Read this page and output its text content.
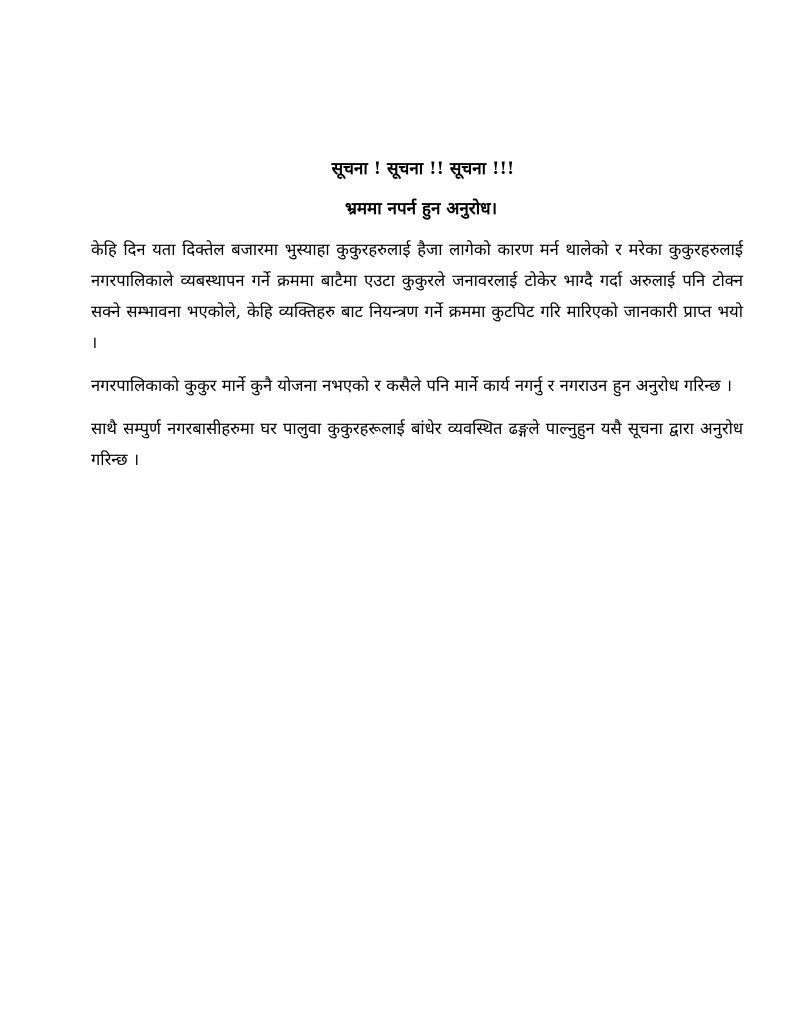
सूचना ! सूचना !! सूचना !!!

भ्रममा नपर्न हुन अनुरोध।

केहि दिन यता दिक्तेल बजारमा भुस्याहा कुकुरहरुलाई हैजा लागेको कारण मर्न थालेको र मरेका कुकुरहरुलाई नगरपालिकाले व्यबस्थापन गर्ने क्रममा बाटैमा एउटा कुकुरले जनावरलाई टोकेर भाग्दै गर्दा अरुलाई पनि टोक्न सक्ने सम्भावना भएकोले, केहि व्यक्तिहरु बाट नियन्त्रण गर्ने क्रममा कुटपिट गरि मारिएको जानकारी प्राप्त भयो ।

नगरपालिकाको कुकुर मार्ने कुनै योजना नभएको र कसैले पनि मार्ने कार्य नगर्नु र नगराउन हुन अनुरोध गरिन्छ ।

साथै सम्पुर्ण नगरबासीहरुमा घर पालुवा कुकुरहरूलाई बांधेर व्यवस्थित ढङ्गले पाल्नुहुन यसै सूचना द्वारा अनुरोध गरिन्छ ।
